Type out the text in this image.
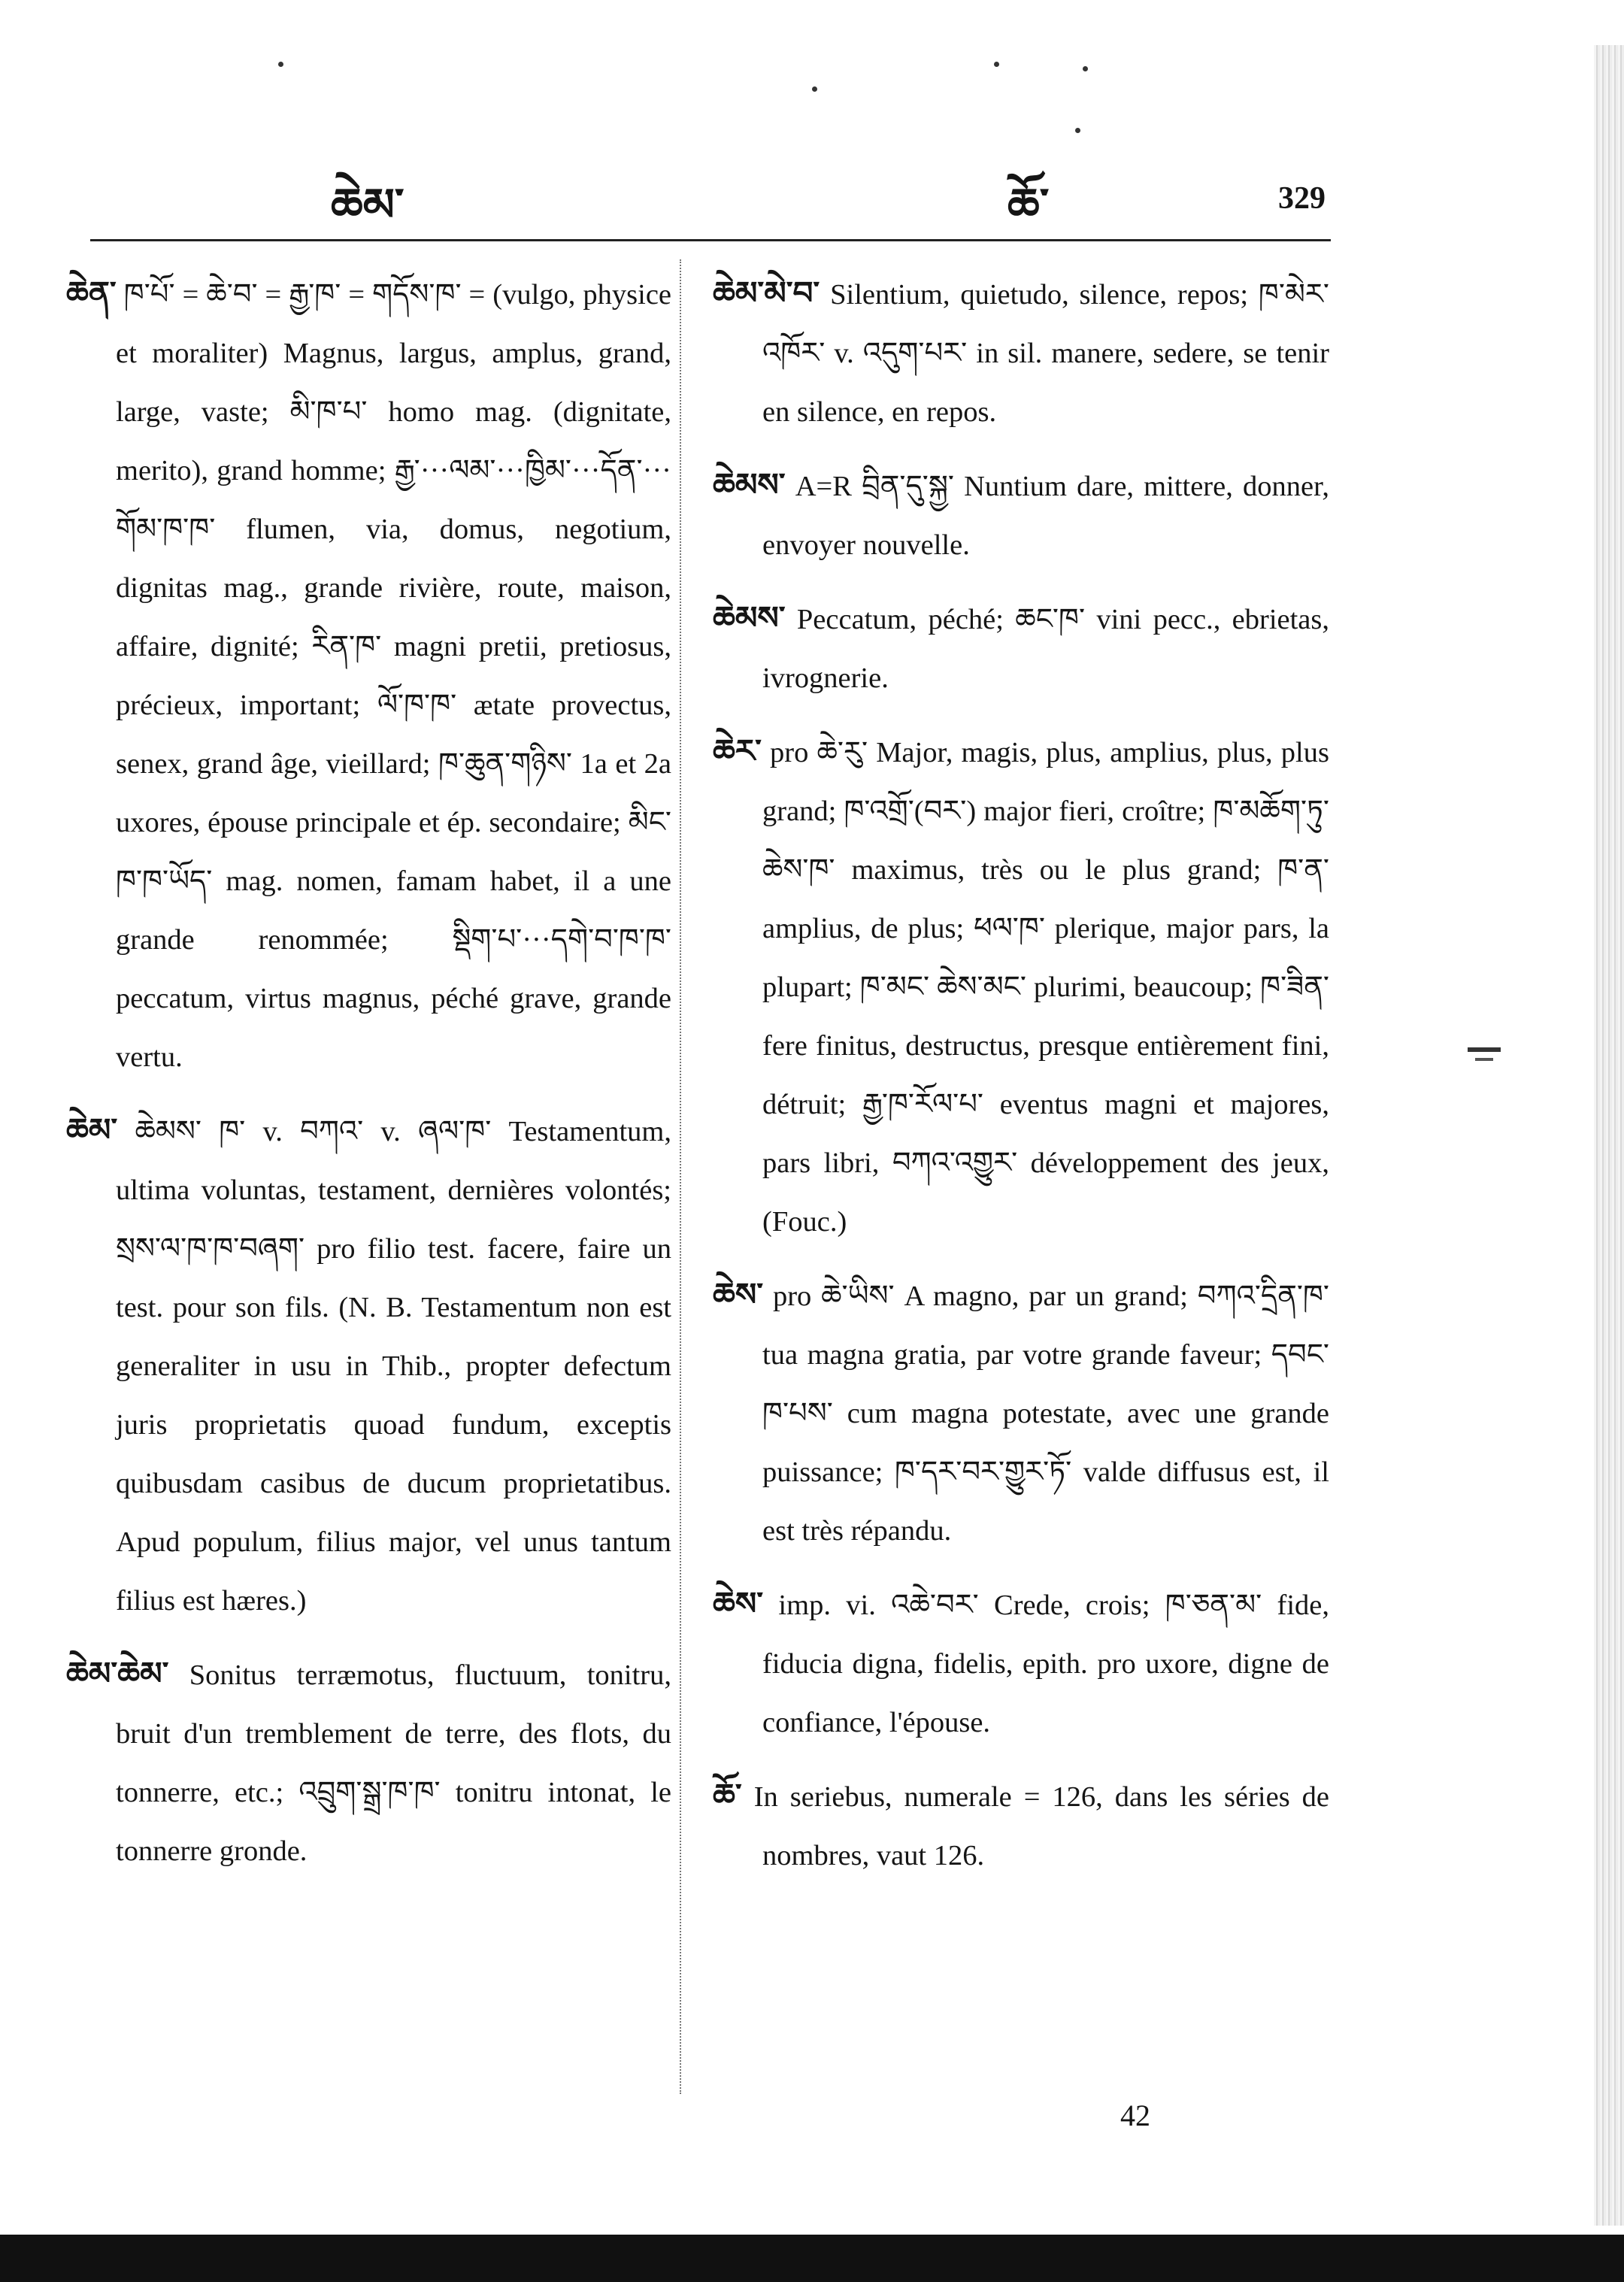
ཆེམ་	ཆོ་	329

ཆེན་ ཁ་པོ་ = ཆེ་བ་ = རྒྱ་ཁ་ = གདོས་ཁ་ = (vulgo, physice et moraliter) Magnus, largus, amplus, grand, large, vaste; མི་ཁ་པ་ homo mag. (dignitate, merito), grand homme; རྒྱ་···ལམ་···ཁྱིམ་···དོན་··· གོམ་ཁ་ཁ་ flumen, via, domus, negotium, dignitas mag., grande rivière, route, maison, affaire, dignité; རིན་ཁ་ magni pretii, pretiosus, précieux, important; ལོ་ཁ་ཁ་ ætate provectus, senex, grand âge, vieillard; ཁ་ཆུན་གཉིས་ 1a et 2a uxores, épouse principale et ép. secondaire; མིང་ཁ་ཁ་ཡོད་ mag. nomen, famam habet, il a une grande renommée; སྡིག་པ་···དགེ་བ་ཁ་ཁ་ peccatum, virtus magnus, péché grave, grande vertu.

ཆེམ་ ཆེམས་ ཁ་ v. བཀའ་ v. ཞལ་ཁ་ Testamentum, ultima voluntas, testament, dernières volontés; སྲས་ལ་ཁ་ཁ་བཞག་ pro filio test. facere, faire un test. pour son fils. (N. B. Testamentum non est generaliter in usu in Thib., propter defectum juris proprietatis quoad fundum, exceptis quibusdam casibus de ducum proprietatibus. Apud populum, filius major, vel unus tantum filius est hæres.)

ཆེམ་ཆེམ་ Sonitus terræmotus, fluctuum, tonitru, bruit d'un tremblement de terre, des flots, du tonnerre, etc.; འབྲུག་སྒྲ་ཁ་ཁ་ tonitru intonat, le tonnerre gronde.

ཆེམ་མེ་བ་ Silentium, quietudo, silence, repos; ཁ་མེར་འཁོར་ v. འདུག་པར་ in sil. manere, sedere, se tenir en silence, en repos.

ཆེམས་ A=R བྲིན་དུ་སྐྱ་ Nuntium dare, mittere, donner, envoyer nouvelle.

ཆེམས་ Peccatum, péché; ཆང་ཁ་ vini pecc., ebrietas, ivrognerie.

ཆེར་ pro ཆེ་རུ་ Major, magis, plus, amplius, plus, plus grand; ཁ་འགྲོ་(བར་) major fieri, croître; ཁ་མཆོག་ཏུ་ ཆེས་ཁ་ maximus, très ou le plus grand; ཁ་ན་ amplius, de plus; ཕལ་ཁ་ plerique, major pars, la plupart; ཁ་མང་ ཆེས་མང་ plurimi, beaucoup; ཁ་ཟིན་ fere finitus, destructus, presque entièrement fini, détruit; རྒྱ་ཁ་རོལ་པ་ eventus magni et majores, pars libri, བཀའ་འགྱུར་ développement des jeux, (Fouc.)

ཆེས་ pro ཆེ་ཡིས་ A magno, par un grand; བཀའ་དྲིན་ཁ་ tua magna gratia, par votre grande faveur; དབང་ཁ་པས་ cum magna potestate, avec une grande puissance; ཁ་དར་བར་གྱུར་ཏོ་ valde diffusus est, il est très répandu.

ཆེས་ imp. vi. འཆེ་བར་ Crede, crois; ཁ་ཅན་མ་ fide, fiducia digna, fidelis, epith. pro uxore, digne de confiance, l'épouse.

ཆོ་ In seriebus, numerale = 126, dans les séries de nombres, vaut 126.

42
